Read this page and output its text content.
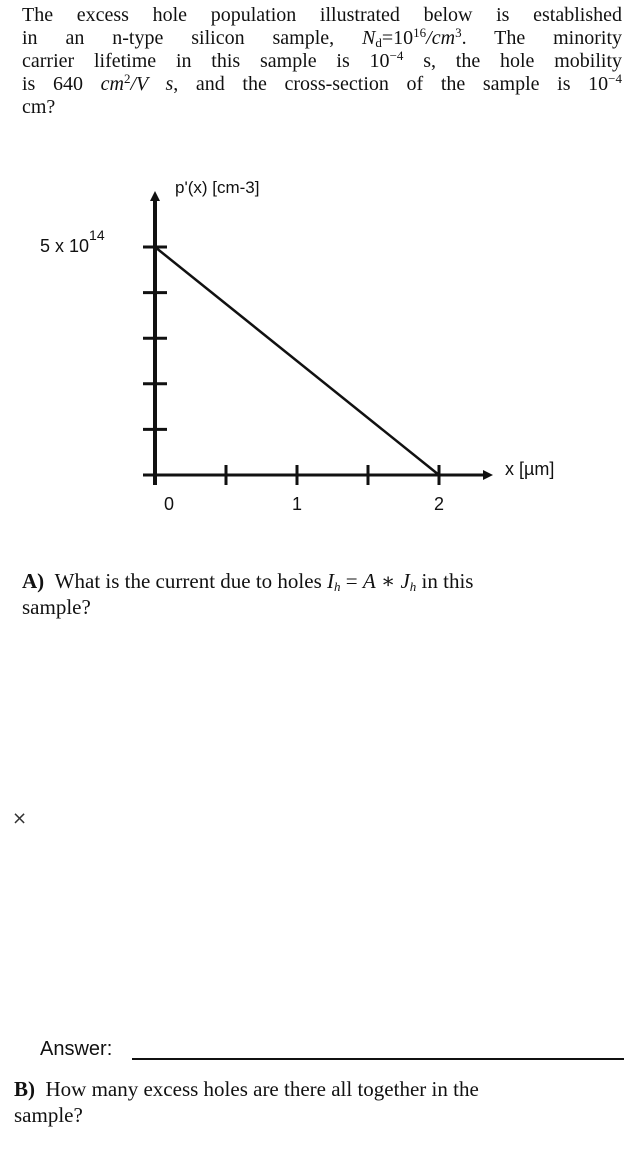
The excess hole population illustrated below is established
in an n-type silicon sample, $N_d=10^{16}/cm^3$. The minority
carrier lifetime in this sample is $10^{-4}$ s, the hole mobility
is 640 $cm^2/V$ s, and the cross-section of the sample is $10^{-4}$
cm?
p'(x) [cm-3]
x [µm]
5 x $10^{14}$
0	1	2
A) What is the current due to holes $I_h = A$ ∗ $J_h$ in this
sample?
⨯
Answer:
B) How many excess holes are there all together in the
sample?
